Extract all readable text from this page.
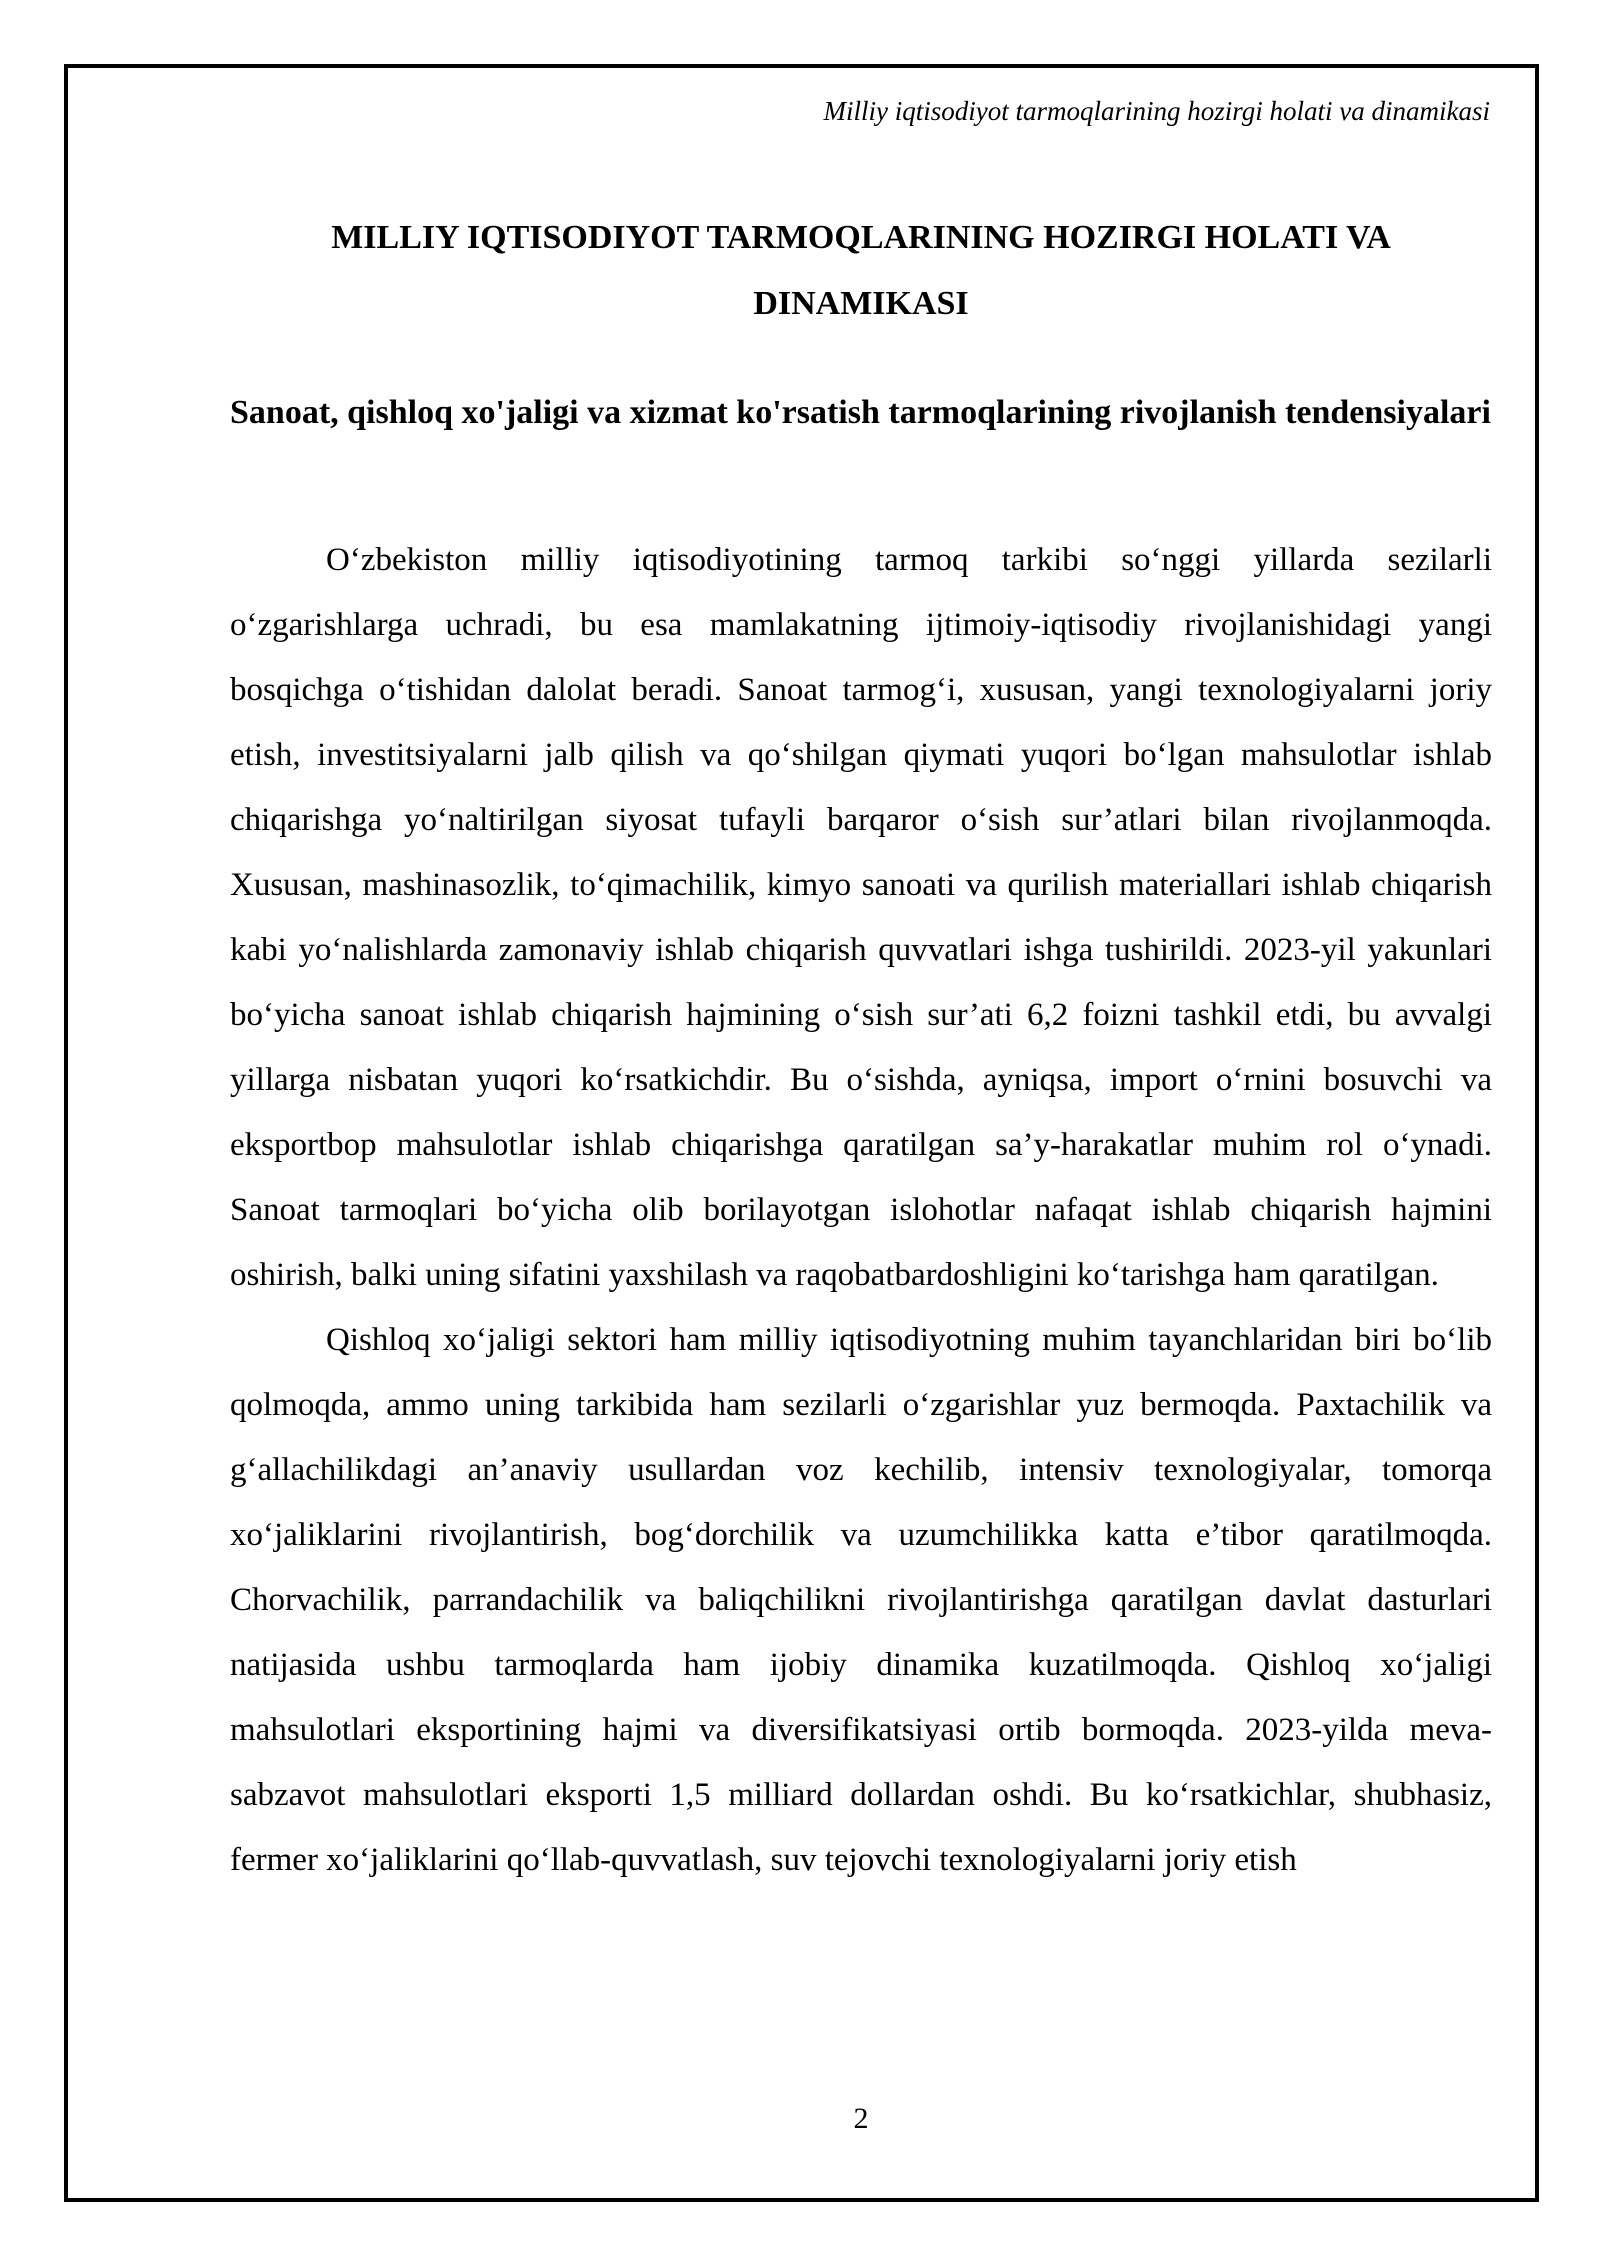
Milliy iqtisodiyot tarmoqlarining hozirgi holati va dinamikasi
MILLIY IQTISODIYOT TARMOQLARINING HOZIRGI HOLATI VA DINAMIKASI
Sanoat, qishloq xo'jaligi va xizmat ko'rsatish tarmoqlarining rivojlanish tendensiyalari

O‘zbekiston milliy iqtisodiyotining tarmoq tarkibi so‘nggi yillarda sezilarli o‘zgarishlarga uchradi, bu esa mamlakatning ijtimoiy-iqtisodiy rivojlanishidagi yangi bosqichga o‘tishidan dalolat beradi. Sanoat tarmog‘i, xususan, yangi texnologiyalarni joriy etish, investitsiyalarni jalb qilish va qo‘shilgan qiymati yuqori bo‘lgan mahsulotlar ishlab chiqarishga yo‘naltirilgan siyosat tufayli barqaror o‘sish sur’atlari bilan rivojlanmoqda. Xususan, mashinasozlik, to‘qimachilik, kimyo sanoati va qurilish materiallari ishlab chiqarish kabi yo‘nalishlarda zamonaviy ishlab chiqarish quvvatlari ishga tushirildi. 2023-yil yakunlari bo‘yicha sanoat ishlab chiqarish hajmining o‘sish sur’ati 6,2 foizni tashkil etdi, bu avvalgi yillarga nisbatan yuqori ko‘rsatkichdir. Bu o‘sishda, ayniqsa, import o‘rnini bosuvchi va eksportbop mahsulotlar ishlab chiqarishga qaratilgan sa’y-harakatlar muhim rol o‘ynadi. Sanoat tarmoqlari bo‘yicha olib borilayotgan islohotlar nafaqat ishlab chiqarish hajmini oshirish, balki uning sifatini yaxshilash va raqobatbardoshligini ko‘tarishga ham qaratilgan.

Qishloq xo‘jaligi sektori ham milliy iqtisodiyotning muhim tayanchlaridan biri bo‘lib qolmoqda, ammo uning tarkibida ham sezilarli o‘zgarishlar yuz bermoqda. Paxtachilik va g‘allachilikdagi an’anaviy usullardan voz kechilib, intensiv texnologiyalar, tomorqa xo‘jaliklarini rivojlantirish, bog‘dorchilik va uzumchilikka katta e’tibor qaratilmoqda. Chorvachilik, parrandachilik va baliqchilikni rivojlantirishga qaratilgan davlat dasturlari natijasida ushbu tarmoqlarda ham ijobiy dinamika kuzatilmoqda. Qishloq xo‘jaligi mahsulotlari eksportining hajmi va diversifikatsiyasi ortib bormoqda. 2023-yilda meva-sabzavot mahsulotlari eksporti 1,5 milliard dollardan oshdi. Bu ko‘rsatkichlar, shubhasiz, fermer xo‘jaliklarini qo‘llab-quvvatlash, suv tejovchi texnologiyalarni joriy etish

2
